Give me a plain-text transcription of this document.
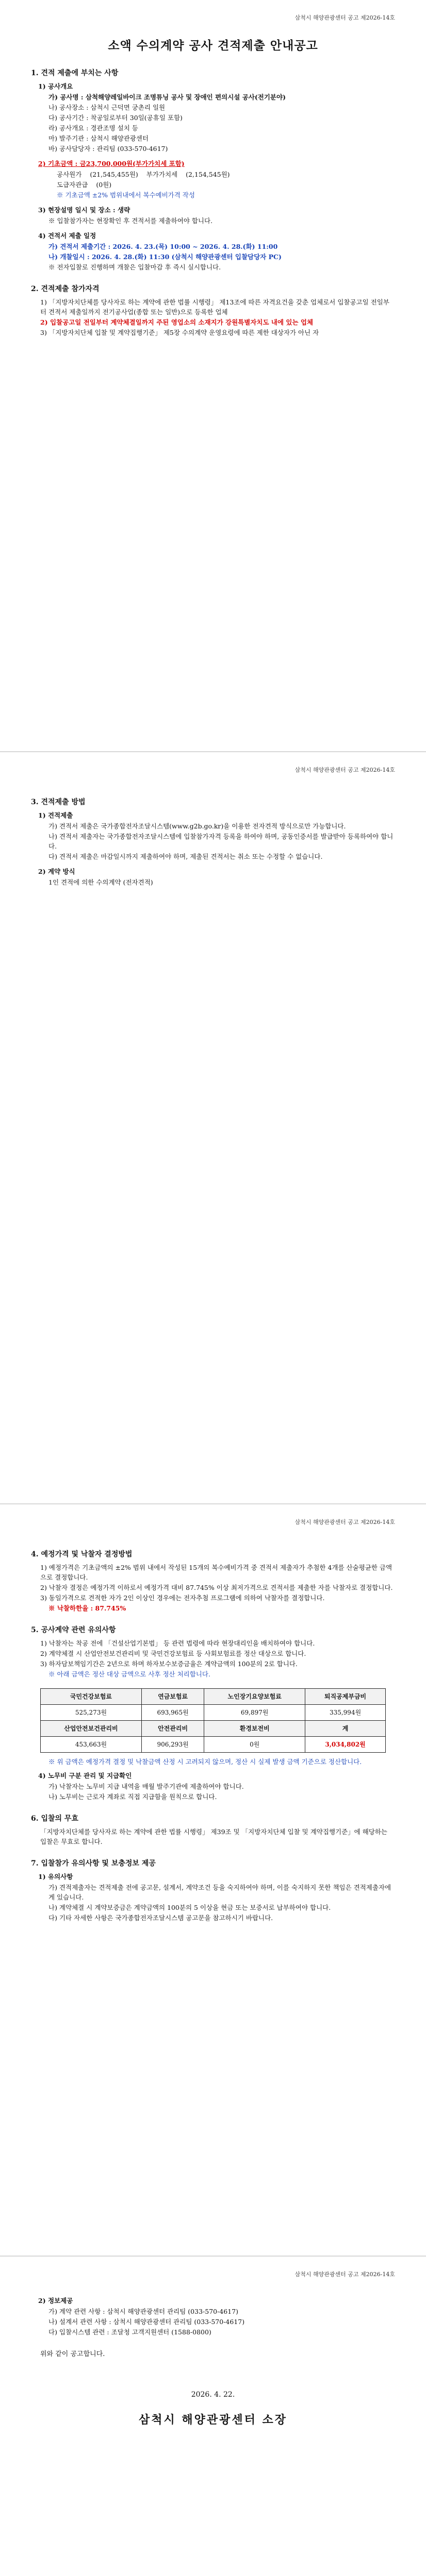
삼척시 해양관광센터 공고 제2026-14호
소액 수의계약 공사 견적제출 안내공고
1. 견적 제출에 부치는 사항
1) 공사개요
가) 공사명 : 삼척해양레일바이크 조명튜닝 공사 및 장애인 편의시설 공사(전기분야)
나) 공사장소 : 삼척시 근덕면 궁촌리 일원
다) 공사기간 : 착공일로부터 30일(공휴일 포함)
라) 공사개요 : 경관조명 설치 등
마) 발주기관 : 삼척시 해양관광센터
바) 공사담당자 : 관리팀 (033-570-4617)
2) 기초금액 : 금23,700,000원(부가가치세 포함)
공사원가 (21,545,455원) 부가가치세 (2,154,545원)
도급자관급 (0원)
※ 기초금액 ±2% 범위내에서 복수예비가격 작성
3) 현장설명 일시 및 장소 : 생략
※ 입찰참가자는 현장확인 후 견적서를 제출하여야 합니다.
4) 견적서 제출 일정
가) 견적서 제출기간 : 2026. 4. 23.(목) 10:00 ~ 2026. 4. 28.(화) 11:00
나) 개찰일시 : 2026. 4. 28.(화) 11:30 (삼척시 해양관광센터 입찰담당자 PC)
※ 전자입찰로 진행하며 개찰은 입찰마감 후 즉시 실시합니다.
2. 견적제출 참가자격
1) 「지방자치단체를 당사자로 하는 계약에 관한 법률 시행령」 제13조에 따른 자격요건을 갖춘 업체로서 입찰공고일 전일부터 견적서 제출일까지 전기공사업(종합 또는 일반)으로 등록한 업체
2) 입찰공고일 전일부터 계약체결일까지 주된 영업소의 소재지가 강원특별자치도 내에 있는 업체
3) 「지방자치단체 입찰 및 계약집행기준」 제5장 수의계약 운영요령에 따른 제한 대상자가 아닌 자
삼척시 해양관광센터 공고 제2026-14호
3. 견적제출 방법
1) 견적제출
가) 견적서 제출은 국가종합전자조달시스템(www.g2b.go.kr)을 이용한 전자견적 방식으로만 가능합니다.
나) 견적서 제출자는 국가종합전자조달시스템에 입찰참가자격 등록을 하여야 하며, 공동인증서를 발급받아 등록하여야 합니다.
다) 견적서 제출은 마감일시까지 제출하여야 하며, 제출된 견적서는 취소 또는 수정할 수 없습니다.
2) 계약 방식
1인 견적에 의한 수의계약 (전자견적)
삼척시 해양관광센터 공고 제2026-14호
4. 예정가격 및 낙찰자 결정방법
1) 예정가격은 기초금액의 ±2% 범위 내에서 작성된 15개의 복수예비가격 중 견적서 제출자가 추첨한 4개를 산술평균한 금액으로 결정합니다.
2) 낙찰자 결정은 예정가격 이하로서 예정가격 대비 87.745% 이상 최저가격으로 견적서를 제출한 자를 낙찰자로 결정합니다.
3) 동일가격으로 견적한 자가 2인 이상인 경우에는 전자추첨 프로그램에 의하여 낙찰자를 결정합니다.
※ 낙찰하한율 : 87.745%
5. 공사계약 관련 유의사항
1) 낙찰자는 착공 전에 「건설산업기본법」 등 관련 법령에 따라 현장대리인을 배치하여야 합니다.
2) 계약체결 시 산업안전보건관리비 및 국민건강보험료 등 사회보험료를 정산 대상으로 합니다.
3) 하자담보책임기간은 2년으로 하며 하자보수보증금율은 계약금액의 100분의 2로 합니다.
※ 아래 금액은 정산 대상 금액으로 사후 정산 처리합니다.
국민건강보험료	연금보험료	노인장기요양보험료	퇴직공제부금비
525,273원	693,965원	69,897원	335,994원
산업안전보건관리비	안전관리비	환경보전비	계
453,663원	906,293원	0원	3,034,802원
※ 위 금액은 예정가격 결정 및 낙찰금액 산정 시 고려되지 않으며, 정산 시 실제 발생 금액 기준으로 정산합니다.
4) 노무비 구분 관리 및 지급확인
가) 낙찰자는 노무비 지급 내역을 매월 발주기관에 제출하여야 합니다.
나) 노무비는 근로자 계좌로 직접 지급함을 원칙으로 합니다.
6. 입찰의 무효
「지방자치단체를 당사자로 하는 계약에 관한 법률 시행령」 제39조 및 「지방자치단체 입찰 및 계약집행기준」에 해당하는 입찰은 무효로 합니다.
7. 입찰참가 유의사항 및 보충정보 제공
1) 유의사항
가) 견적제출자는 견적제출 전에 공고문, 설계서, 계약조건 등을 숙지하여야 하며, 이를 숙지하지 못한 책임은 견적제출자에게 있습니다.
나) 계약체결 시 계약보증금은 계약금액의 100분의 5 이상을 현금 또는 보증서로 납부하여야 합니다.
다) 기타 자세한 사항은 국가종합전자조달시스템 공고문을 참고하시기 바랍니다.
삼척시 해양관광센터 공고 제2026-14호
2) 정보제공
가) 계약 관련 사항 : 삼척시 해양관광센터 관리팀 (033-570-4617)
나) 설계서 관련 사항 : 삼척시 해양관광센터 관리팀 (033-570-4617)
다) 입찰시스템 관련 : 조달청 고객지원센터 (1588-0800)
위와 같이 공고합니다.
2026. 4. 22.
삼척시 해양관광센터 소장
